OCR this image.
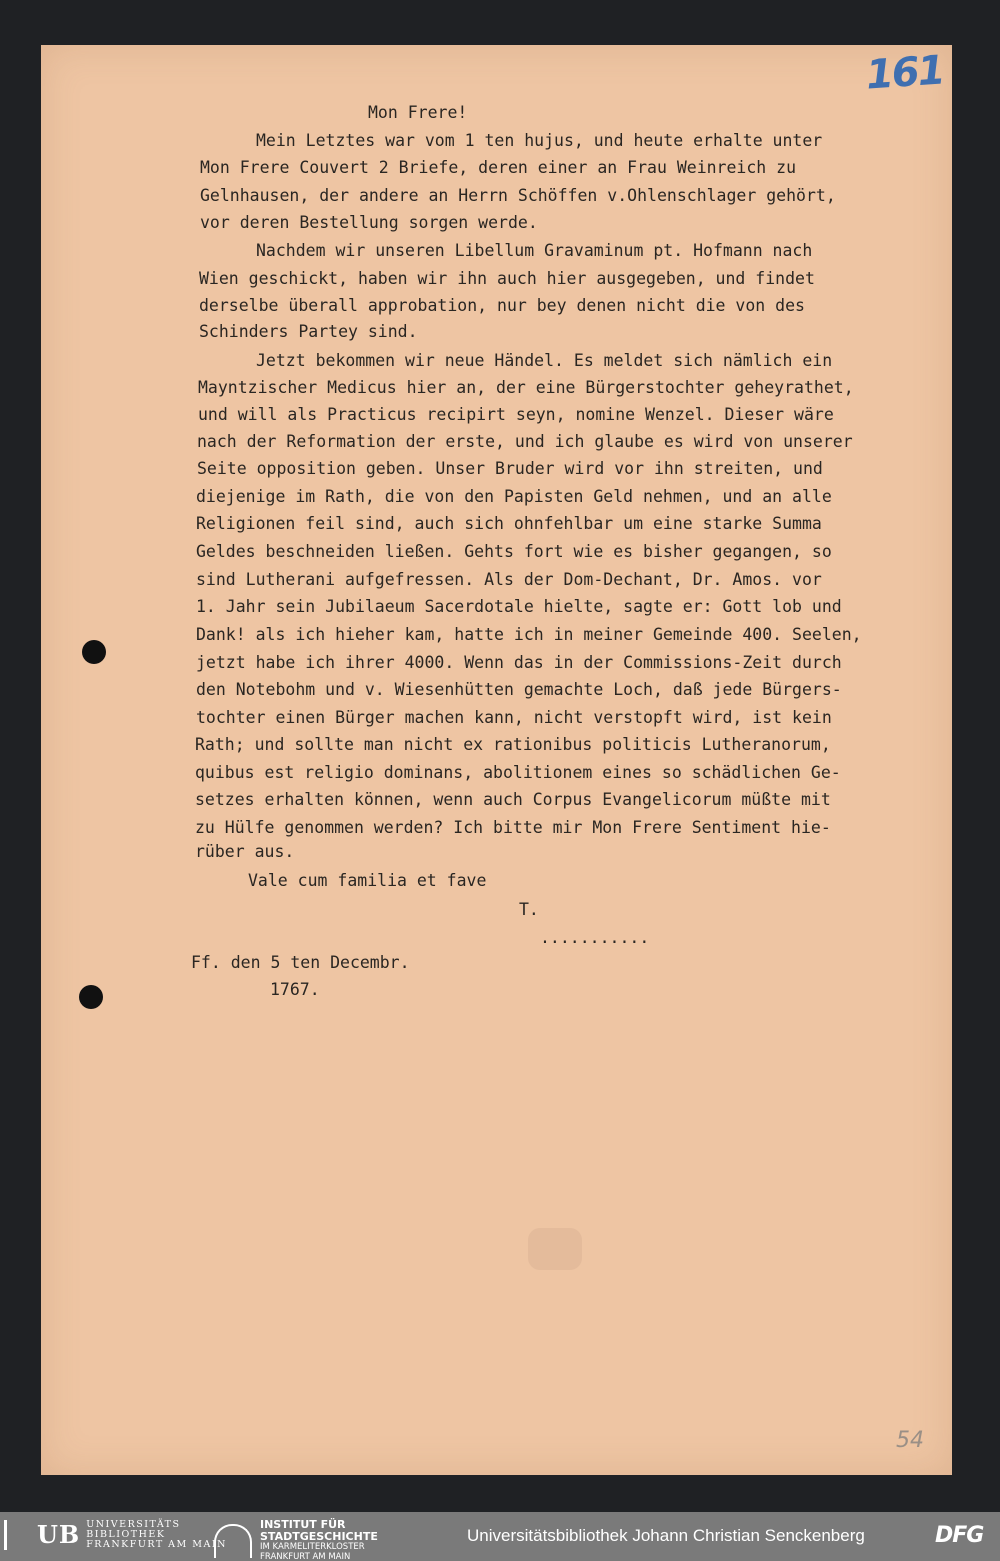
161
54
Mon Frere!
Mein Letztes war vom 1 ten hujus, und heute erhalte unter
Mon Frere Couvert 2 Briefe, deren einer an Frau Weinreich zu
Gelnhausen, der andere an Herrn Schöffen v.Ohlenschlager gehört,
vor deren Bestellung sorgen werde.
Nachdem wir unseren Libellum Gravaminum pt. Hofmann nach
Wien geschickt, haben wir ihn auch hier ausgegeben, und findet
derselbe überall approbation, nur bey denen nicht die von des
Schinders Partey sind.
Jetzt bekommen wir neue Händel. Es meldet sich nämlich ein
Mayntzischer Medicus hier an, der eine Bürgerstochter geheyrathet,
und will als Practicus recipirt seyn, nomine Wenzel. Dieser wäre
nach der Reformation der erste, und ich glaube es wird von unserer
Seite opposition geben. Unser Bruder wird vor ihn streiten, und
diejenige im Rath, die von den Papisten Geld nehmen, und an alle
Religionen feil sind, auch sich ohnfehlbar um eine starke Summa
Geldes beschneiden ließen. Gehts fort wie es bisher gegangen, so
sind Lutherani aufgefressen. Als der Dom-Dechant, Dr. Amos. vor
1. Jahr sein Jubilaeum Sacerdotale hielte, sagte er: Gott lob und
Dank! als ich hieher kam, hatte ich in meiner Gemeinde 400. Seelen,
jetzt habe ich ihrer 4000. Wenn das in der Commissions-Zeit durch
den Notebohm und v. Wiesenhütten gemachte Loch, daß jede Bürgers-
tochter einen Bürger machen kann, nicht verstopft wird, ist kein
Rath; und sollte man nicht ex rationibus politicis Lutheranorum,
quibus est religio dominans, abolitionem eines so schädlichen Ge-
setzes erhalten können, wenn auch Corpus Evangelicorum müßte mit
zu Hülfe genommen werden? Ich bitte mir Mon Frere Sentiment hie-
rüber aus.
Vale cum familia et fave
T.
...........
Ff. den 5 ten Decembr.
1767.
UB UNIVERSITÄTS
BIBLIOTHEK
FRANKFURT AM MAIN
INSTITUT FÜR
STADTGESCHICHTE
IM KARMELITERKLOSTER
FRANKFURT AM MAIN
Universitätsbibliothek Johann Christian Senckenberg	DFG
